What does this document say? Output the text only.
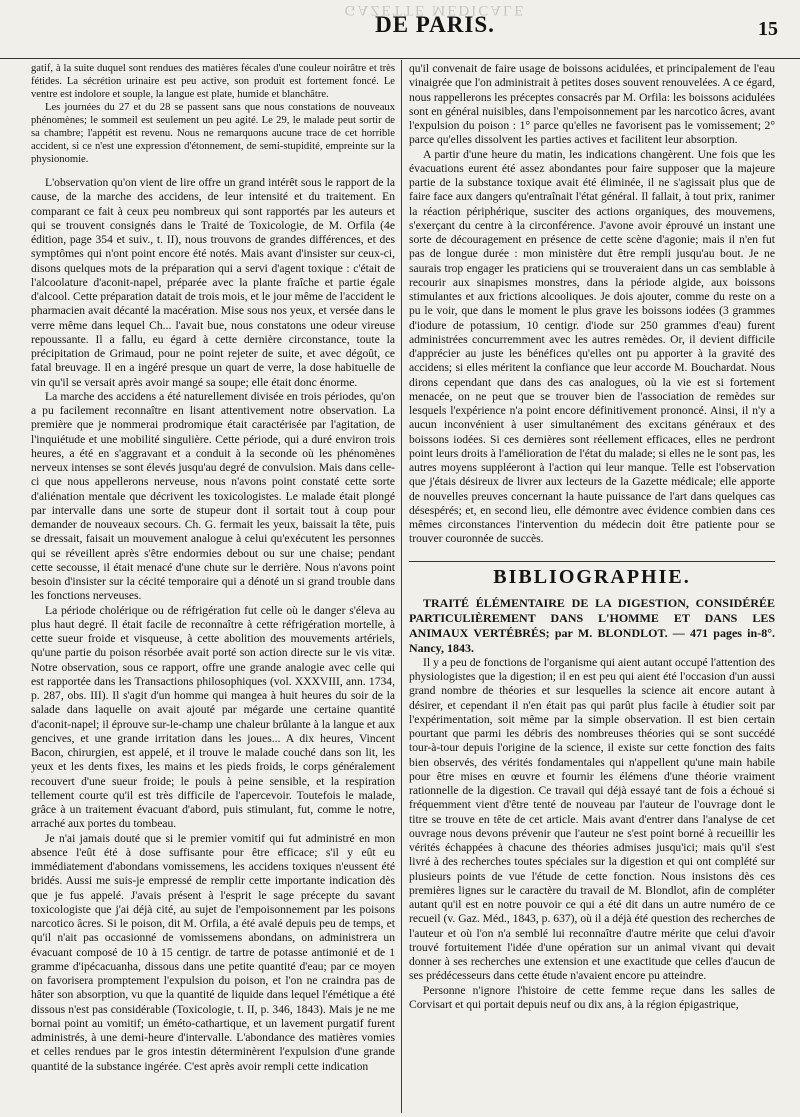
GAZETTE MÉDICALE
DE PARIS.	15

gatif, à la suite duquel sont rendues des matières fécales d'une couleur noirâtre et très fétides. La sécrétion urinaire est peu active, son produit est fortement foncé. Le ventre est indolore et souple, la langue est plate, humide et blanchâtre.

Les journées du 27 et du 28 se passent sans que nous constations de nouveaux phénomènes; le sommeil est seulement un peu agité. Le 29, le malade peut sortir de sa chambre; l'appétit est revenu. Nous ne remarquons aucune trace de cet horrible accident, si ce n'est une expression d'étonnement, de semi-stupidité, empreinte sur la physionomie.

L'observation qu'on vient de lire offre un grand intérêt sous le rapport de la cause, de la marche des accidens, de leur intensité et du traitement. En comparant ce fait à ceux peu nombreux qui sont rapportés par les auteurs et qui se trouvent consignés dans le Traité de Toxicologie, de M. Orfila (4e édition, page 354 et suiv., t. II), nous trouvons de grandes différences, et des symptômes qui n'ont point encore été notés. Mais avant d'insister sur ceux-ci, disons quelques mots de la préparation qui a servi d'agent toxique : c'était de l'alcoolature d'aconit-napel, préparée avec la plante fraîche et partie égale d'alcool. Cette préparation datait de trois mois, et le jour même de l'accident le pharmacien avait décanté la macération. Mise sous nos yeux, et versée dans le verre même dans lequel Ch... l'avait bue, nous constatons une odeur vireuse repoussante. Il a fallu, eu égard à cette dernière circonstance, toute la précipitation de Grimaud, pour ne point rejeter de suite, et avec dégoût, ce fatal breuvage. Il en a ingéré presque un quart de verre, la dose habituelle de vin qu'il se versait après avoir mangé sa soupe; elle était donc énorme.

La marche des accidens a été naturellement divisée en trois périodes, qu'on a pu facilement reconnaître en lisant attentivement notre observation. La première que je nommerai prodromique était caractérisée par l'agitation, de l'inquiétude et une mobilité singulière. Cette période, qui a duré environ trois heures, a été en s'aggravant et a conduit à la seconde où les phénomènes nerveux intenses se sont élevés jusqu'au degré de convulsion. Mais dans celle-ci que nous appellerons nerveuse, nous n'avons point constaté cette sorte d'aliénation mentale que décrivent les toxicologistes. Le malade était plongé par intervalle dans une sorte de stupeur dont il sortait tout à coup pour demander de nouveaux secours. Ch. G. fermait les yeux, baissait la tête, puis se dressait, faisait un mouvement analogue à celui qu'exécutent les personnes qui se réveillent après s'être endormies debout ou sur une chaise; pendant cette secousse, il était menacé d'une chute sur le derrière. Nous n'avons point besoin d'insister sur la cécité temporaire qui a dénoté un si grand trouble dans les fonctions nerveuses.

La période cholérique ou de réfrigération fut celle où le danger s'éleva au plus haut degré. Il était facile de reconnaître à cette réfrigération mortelle, à cette sueur froide et visqueuse, à cette abolition des mouvements artériels, qu'une partie du poison résorbée avait porté son action directe sur le vis vitæ. Notre observation, sous ce rapport, offre une grande analogie avec celle qui est rapportée dans les Transactions philosophiques (vol. XXXVIII, ann. 1734, p. 287, obs. III). Il s'agit d'un homme qui mangea à huit heures du soir de la salade dans laquelle on avait ajouté par mégarde une certaine quantité d'aconit-napel; il éprouve sur-le-champ une chaleur brûlante à la langue et aux gencives, et une grande irritation dans les joues... A dix heures, Vincent Bacon, chirurgien, est appelé, et il trouve le malade couché dans son lit, les yeux et les dents fixes, les mains et les pieds froids, le corps généralement recouvert d'une sueur froide; le pouls à peine sensible, et la respiration tellement courte qu'il est très difficile de l'apercevoir. Toutefois le malade, grâce à un traitement évacuant d'abord, puis stimulant, fut, comme le notre, arraché aux portes du tombeau.

Je n'ai jamais douté que si le premier vomitif qui fut administré en mon absence l'eût été à dose suffisante pour être efficace; s'il y eût eu immédiatement d'abondans vomissemens, les accidens toxiques n'eussent été bridés. Aussi me suis-je empressé de remplir cette importante indication dès que je fus appelé. J'avais présent à l'esprit le sage précepte du savant toxicologiste que j'ai déjà cité, au sujet de l'empoisonnement par les poisons narcotico âcres. Si le poison, dit M. Orfila, a été avalé depuis peu de temps, et qu'il n'ait pas occasionné de vomissemens abondans, on administrera un évacuant composé de 10 à 15 centigr. de tartre de potasse antimonié et de 1 gramme d'ipécacuanha, dissous dans une petite quantité d'eau; par ce moyen on favorisera promptement l'expulsion du poison, et l'on ne craindra pas de hâter son absorption, vu que la quantité de liquide dans lequel l'émétique a été dissous n'est pas considérable (Toxicologie, t. II, p. 346, 1843). Mais je ne me bornai point au vomitif; un éméto-cathartique, et un lavement purgatif furent administrés, à une demi-heure d'intervalle. L'abondance des matières vomies et celles rendues par le gros intestin déterminèrent l'expulsion d'une grande quantité de la substance ingérée. C'est après avoir rempli cette indication

qu'il convenait de faire usage de boissons acidulées, et principalement de l'eau vinaigrée que l'on administrait à petites doses souvent renouvelées. A ce égard, nous rappellerons les préceptes consacrés par M. Orfila: les boissons acidulées sont en général nuisibles, dans l'empoisonnement par les narcotico âcres, avant l'expulsion du poison : 1° parce qu'elles ne favorisent pas le vomissement; 2° parce qu'elles dissolvent les parties actives et facilitent leur absorption.

A partir d'une heure du matin, les indications changèrent. Une fois que les évacuations eurent été assez abondantes pour faire supposer que la majeure partie de la substance toxique avait été éliminée, il ne s'agissait plus que de faire face aux dangers qu'entraînait l'état général. Il fallait, à tout prix, ranimer la réaction périphérique, susciter des actions organiques, des mouvemens, s'exerçant du centre à la circonférence. J'avone avoir éprouvé un instant une sorte de découragement en présence de cette scène d'agonie; mais il n'en fut pas de longue durée : mon ministère dut être rempli jusqu'au bout. Je ne saurais trop engager les praticiens qui se trouveraient dans un cas semblable à recourir aux sinapismes monstres, dans la période algide, aux boissons stimulantes et aux frictions alcooliques. Je dois ajouter, comme du reste on a pu le voir, que dans le moment le plus grave les boissons iodées (3 grammes d'iodure de potassium, 10 centigr. d'iode sur 250 grammes d'eau) furent administrées concurremment avec les autres remèdes. Or, il devient difficile d'apprécier au juste les bénéfices qu'elles ont pu apporter à la gravité des accidens; si elles méritent la confiance que leur accorde M. Bouchardat. Nous dirons cependant que dans des cas analogues, où la vie est si fortement menacée, on ne peut que se trouver bien de l'association de remèdes sur lesquels l'expérience n'a point encore définitivement prononcé. Ainsi, il n'y a aucun inconvénient à user simultanément des excitans généraux et des boissons iodées. Si ces dernières sont réellement efficaces, elles ne perdront point leurs droits à l'amélioration de l'état du malade; si elles ne le sont pas, les autres moyens suppléeront à l'action qui leur manque. Telle est l'observation que j'étais désireux de livrer aux lecteurs de la Gazette médicale; elle apporte de nouvelles preuves concernant la haute puissance de l'art dans quelques cas désespérés; et, en second lieu, elle démontre avec évidence combien dans ces mêmes circonstances l'intervention du médecin doit être patiente pour se trouver couronnée de succès.

BIBLIOGRAPHIE.

TRAITÉ ÉLÉMENTAIRE DE LA DIGESTION, CONSIDÉRÉE PARTICULIÈREMENT DANS L'HOMME ET DANS LES ANIMAUX VERTÉBRÉS; par M. BLONDLOT. — 471 pages in-8°. Nancy, 1843.

Il y a peu de fonctions de l'organisme qui aient autant occupé l'attention des physiologistes que la digestion; il en est peu qui aient été l'occasion d'un aussi grand nombre de théories et sur lesquelles la science ait encore autant à désirer, et cependant il n'en était pas qui parût plus facile à étudier soit par l'expérimentation, soit même par la simple observation. Il est bien certain pourtant que parmi les débris des nombreuses théories qui se sont succédé tour-à-tour depuis l'origine de la science, il existe sur cette fonction des faits bien observés, des vérités fondamentales qui n'appellent qu'une main habile pour être mises en œuvre et fournir les élémens d'une théorie vraiment rationnelle de la digestion. Ce travail qui déjà essayé tant de fois a échoué si fréquemment vient d'être tenté de nouveau par l'auteur de l'ouvrage dont le titre se trouve en tête de cet article. Mais avant d'entrer dans l'analyse de cet ouvrage nous devons prévenir que l'auteur ne s'est point borné à recueillir les vérités échappées à chacune des théories admises jusqu'ici; mais qu'il s'est livré à des recherches toutes spéciales sur la digestion et qui ont complété sur plusieurs points de vue l'étude de cette fonction. Nous insistons dès ces premières lignes sur le caractère du travail de M. Blondlot, afin de compléter autant qu'il est en notre pouvoir ce qui a été dit dans un autre numéro de ce recueil (v. Gaz. Méd., 1843, p. 637), où il a déjà été question des recherches de l'auteur et où l'on n'a semblé lui reconnaître d'autre mérite que celui d'avoir trouvé fortuitement l'idée d'une opération sur un animal vivant qui devait donner à ses recherches une extension et une exactitude que celles d'aucun de ses prédécesseurs dans cette étude n'avaient encore pu atteindre.

Personne n'ignore l'histoire de cette femme reçue dans les salles de Corvisart et qui portait depuis neuf ou dix ans, à la région épigastrique,
